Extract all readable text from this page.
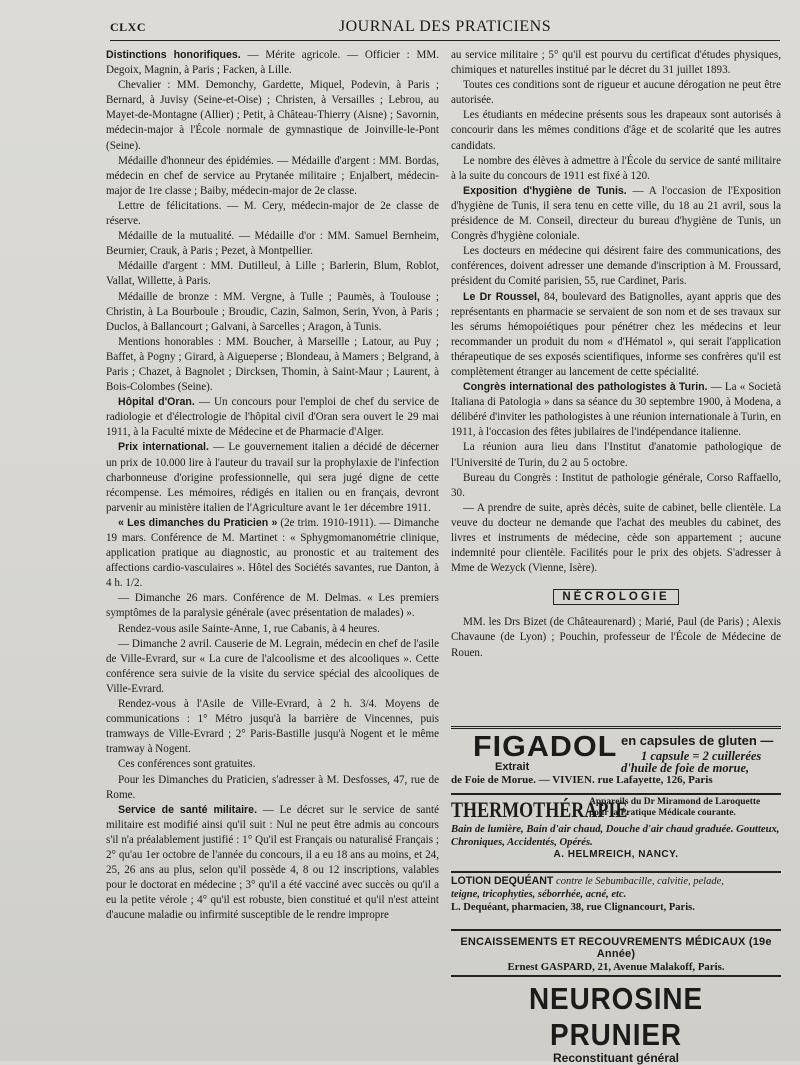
CLXC	JOURNAL DES PRATICIENS

Distinctions honorifiques. — Mérite agricole. — Officier : MM. Degoix, Magnin, à Paris ; Facken, à Lille.

Chevalier : MM. Demonchy, Gardette, Miquel, Podevin, à Paris ; Bernard, à Juvisy (Seine-et-Oise) ; Christen, à Versailles ; Lebrou, au Mayet-de-Montagne (Allier) ; Petit, à Château-Thierry (Aisne) ; Savornin, médecin-major à l'École normale de gymnastique de Joinville-le-Pont (Seine).

Médaille d'honneur des épidémies. — Médaille d'argent : MM. Bordas, médecin en chef de service au Prytanée militaire ; Enjalbert, médecin-major de 1re classe ; Baiby, médecin-major de 2e classe.

Lettre de félicitations. — M. Cery, médecin-major de 2e classe de réserve.

Médaille de la mutualité. — Médaille d'or : MM. Samuel Bernheim, Beurnier, Crauk, à Paris ; Pezet, à Montpellier.

Médaille d'argent : MM. Dutilleul, à Lille ; Barlerin, Blum, Roblot, Vallat, Willette, à Paris.

Médaille de bronze : MM. Vergne, à Tulle ; Paumès, à Toulouse ; Christin, à La Bourboule ; Broudic, Cazin, Salmon, Serin, Yvon, à Paris ; Duclos, à Ballancourt ; Galvani, à Sarcelles ; Aragon, à Tunis.

Mentions honorables : MM. Boucher, à Marseille ; Latour, au Puy ; Baffet, à Pogny ; Girard, à Aigueperse ; Blondeau, à Mamers ; Belgrand, à Paris ; Chazet, à Bagnolet ; Dircksen, Thomin, à Saint-Maur ; Laurent, à Bois-Colombes (Seine).

Hôpital d'Oran. — Un concours pour l'emploi de chef du service de radiologie et d'électrologie de l'hôpital civil d'Oran sera ouvert le 29 mai 1911, à la Faculté mixte de Médecine et de Pharmacie d'Alger.

Prix international. — Le gouvernement italien a décidé de décerner un prix de 10.000 lire à l'auteur du travail sur la prophylaxie de l'infection charbonneuse d'origine professionnelle, qui sera jugé digne de cette récompense. Les mémoires, rédigés en italien ou en français, devront parvenir au ministère italien de l'Agriculture avant le 1er décembre 1911.

« Les dimanches du Praticien » (2e trim. 1910-1911). — Dimanche 19 mars. Conférence de M. Martinet : « Sphygmomanométrie clinique, application pratique au diagnostic, au pronostic et au traitement des affections cardio-vasculaires ». Hôtel des Sociétés savantes, rue Danton, à 4 h. 1/2.

— Dimanche 26 mars. Conférence de M. Delmas. « Les premiers symptômes de la paralysie générale (avec présentation de malades) ».

Rendez-vous asile Sainte-Anne, 1, rue Cabanis, à 4 heures.

— Dimanche 2 avril. Causerie de M. Legrain, médecin en chef de l'asile de Ville-Evrard, sur « La cure de l'alcoolisme et des alcooliques ». Cette conférence sera suivie de la visite du service spécial des alcooliques de Ville-Evrard.

Rendez-vous à l'Asile de Ville-Evrard, à 2 h. 3/4. Moyens de communications : 1° Métro jusqu'à la barrière de Vincennes, puis tramways de Ville-Evrard ; 2° Paris-Bastille jusqu'à Nogent et le même tramway à Nogent.

Ces conférences sont gratuites.

Pour les Dimanches du Praticien, s'adresser à M. Desfosses, 47, rue de Rome.

Service de santé militaire. — Le décret sur le service de santé militaire est modifié ainsi qu'il suit : Nul ne peut être admis au concours s'il n'a préalablement justifié : 1° Qu'il est Français ou naturalisé Français ; 2° qu'au 1er octobre de l'année du concours, il a eu 18 ans au moins, et 24, 25, 26 ans au plus, selon qu'il possède 4, 8 ou 12 inscriptions, valables pour le doctorat en médecine ; 3° qu'il a été vacciné avec succès ou qu'il a eu la petite vérole ; 4° qu'il est robuste, bien constitué et qu'il n'est atteint d'aucune maladie ou infirmité susceptible de le rendre impropre

au service militaire ; 5° qu'il est pourvu du certificat d'études physiques, chimiques et naturelles institué par le décret du 31 juillet 1893.

Toutes ces conditions sont de rigueur et aucune dérogation ne peut être autorisée.

Les étudiants en médecine présents sous les drapeaux sont autorisés à concourir dans les mêmes conditions d'âge et de scolarité que les autres candidats.

Le nombre des élèves à admettre à l'École du service de santé militaire à la suite du concours de 1911 est fixé à 120.

Exposition d'hygiène de Tunis. — A l'occasion de l'Exposition d'hygiène de Tunis, il sera tenu en cette ville, du 18 au 21 avril, sous la présidence de M. Conseil, directeur du bureau d'hygiène de Tunis, un Congrès d'hygiène coloniale.

Les docteurs en médecine qui désirent faire des communications, des conférences, doivent adresser une demande d'inscription à M. Froussard, président du Comité parisien, 55, rue Cardinet, Paris.

Le Dr Roussel, 84, boulevard des Batignolles, ayant appris que des représentants en pharmacie se servaient de son nom et de ses travaux sur les sérums hémopoiétiques pour pénétrer chez les médecins et leur recommander un produit du nom « d'Hématol », qui serait l'application thérapeutique de ses exposés scientifiques, informe ses confrères qu'il est complètement étranger au lancement de cette spécialité.

Congrès international des pathologistes à Turin. — La « Società Italiana di Patologia » dans sa séance du 30 septembre 1900, à Modena, a délibéré d'inviter les pathologistes à une réunion internationale à Turin, en 1911, à l'occasion des fêtes jubilaires de l'indépendance italienne.

La réunion aura lieu dans l'Institut d'anatomie pathologique de l'Université de Turin, du 2 au 5 octobre.

Bureau du Congrès : Institut de pathologie générale, Corso Raffaello, 30.

— A prendre de suite, après décès, suite de cabinet, belle clientèle. La veuve du docteur ne demande que l'achat des meubles du cabinet, des livres et instruments de médecine, cède son appartement ; aucune indemnité pour clientèle. Facilités pour le prix des objets. S'adresser à Mme de Wezyck (Vienne, Isère).

NÉCROLOGIE

MM. les Drs Bizet (de Châteaurenard) ; Marié, Paul (de Paris) ; Alexis Chavaune (de Lyon) ; Pouchin, professeur de l'École de Médecine de Rouen.

FIGADOL en capsules de gluten —
1 capsule = 2 cuillerées
Extrait	d'huile de foie de morue,
de Foie de Morue. — VIVIEN. rue Lafayette, 126, Paris
THERMOTHÉRAPIE
Appareils du Dr Miramond de Laroquette pour la Pratique Médicale courante.
Bain de lumière, Bain d'air chaud, Douche d'air chaud graduée. Goutteux, Chroniques, Accidentés, Opérés.
A. HELMREICH, NANCY.
LOTION DEQUÉANT contre le Sebumbacille, calvitie, pelade,
teigne, tricophyties, séborrhée, acné, etc.
L. Dequéant, pharmacien, 38, rue Clignancourt, Paris.
ENCAISSEMENTS ET RECOUVREMENTS MÉDICAUX (19e Année)
Ernest GASPARD, 21, Avenue Malakoff, Paris.
NEUROSINE PRUNIER
Reconstituant général
